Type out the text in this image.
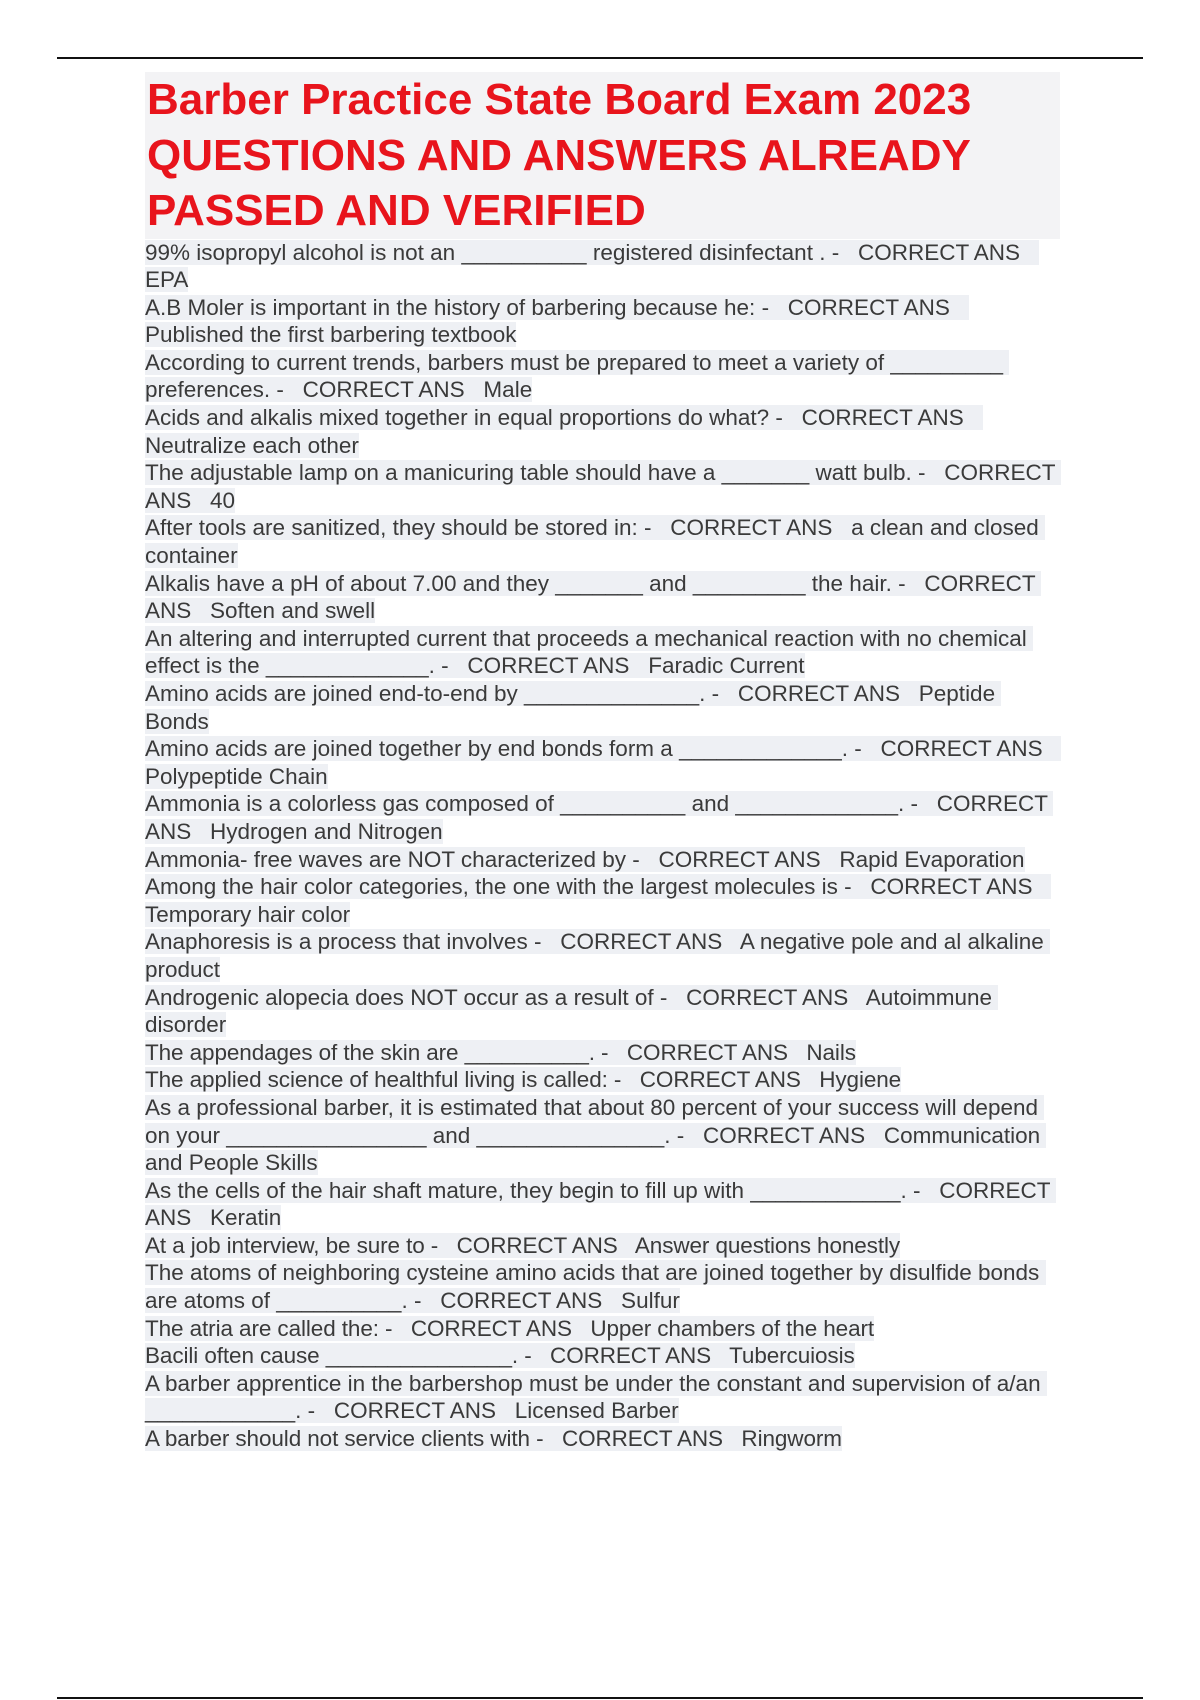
Barber Practice State Board Exam 2023 QUESTIONS AND ANSWERS ALREADY PASSED AND VERIFIED
99% isopropyl alcohol is not an __________ registered disinfectant . -   CORRECT ANS   EPA
A.B Moler is important in the history of barbering because he: -   CORRECT ANS   Published the first barbering textbook
According to current trends, barbers must be prepared to meet a variety of _________ preferences. -   CORRECT ANS   Male
Acids and alkalis mixed together in equal proportions do what? -   CORRECT ANS   Neutralize each other
The adjustable lamp on a manicuring table should have a _______ watt bulb. -   CORRECT ANS   40
After tools are sanitized, they should be stored in: -   CORRECT ANS   a clean and closed container
Alkalis have a pH of about 7.00 and they _______ and _________ the hair. -   CORRECT ANS   Soften and swell
An altering and interrupted current that proceeds a mechanical reaction with no chemical effect is the _____________. -   CORRECT ANS   Faradic Current
Amino acids are joined end-to-end by ______________. -   CORRECT ANS   Peptide Bonds
Amino acids are joined together by end bonds form a _____________. -   CORRECT ANS   Polypeptide Chain
Ammonia is a colorless gas composed of __________ and _____________. -   CORRECT ANS   Hydrogen and Nitrogen
Ammonia- free waves are NOT characterized by -   CORRECT ANS   Rapid Evaporation
Among the hair color categories, the one with the largest molecules is -   CORRECT ANS   Temporary hair color
Anaphoresis is a process that involves -   CORRECT ANS   A negative pole and al alkaline product
Androgenic alopecia does NOT occur as a result of -   CORRECT ANS   Autoimmune disorder
The appendages of the skin are __________. -   CORRECT ANS   Nails
The applied science of healthful living is called: -   CORRECT ANS   Hygiene
As a professional barber, it is estimated that about 80 percent of your success will depend on your ________________ and _______________. -   CORRECT ANS   Communication and People Skills
As the cells of the hair shaft mature, they begin to fill up with ____________. -   CORRECT ANS   Keratin
At a job interview, be sure to -   CORRECT ANS   Answer questions honestly
The atoms of neighboring cysteine amino acids that are joined together by disulfide bonds are atoms of __________. -   CORRECT ANS   Sulfur
The atria are called the: -   CORRECT ANS   Upper chambers of the heart
Bacili often cause _______________. -   CORRECT ANS   Tubercuiosis
A barber apprentice in the barbershop must be under the constant and supervision of a/an ____________. -   CORRECT ANS   Licensed Barber
A barber should not service clients with -   CORRECT ANS   Ringworm
